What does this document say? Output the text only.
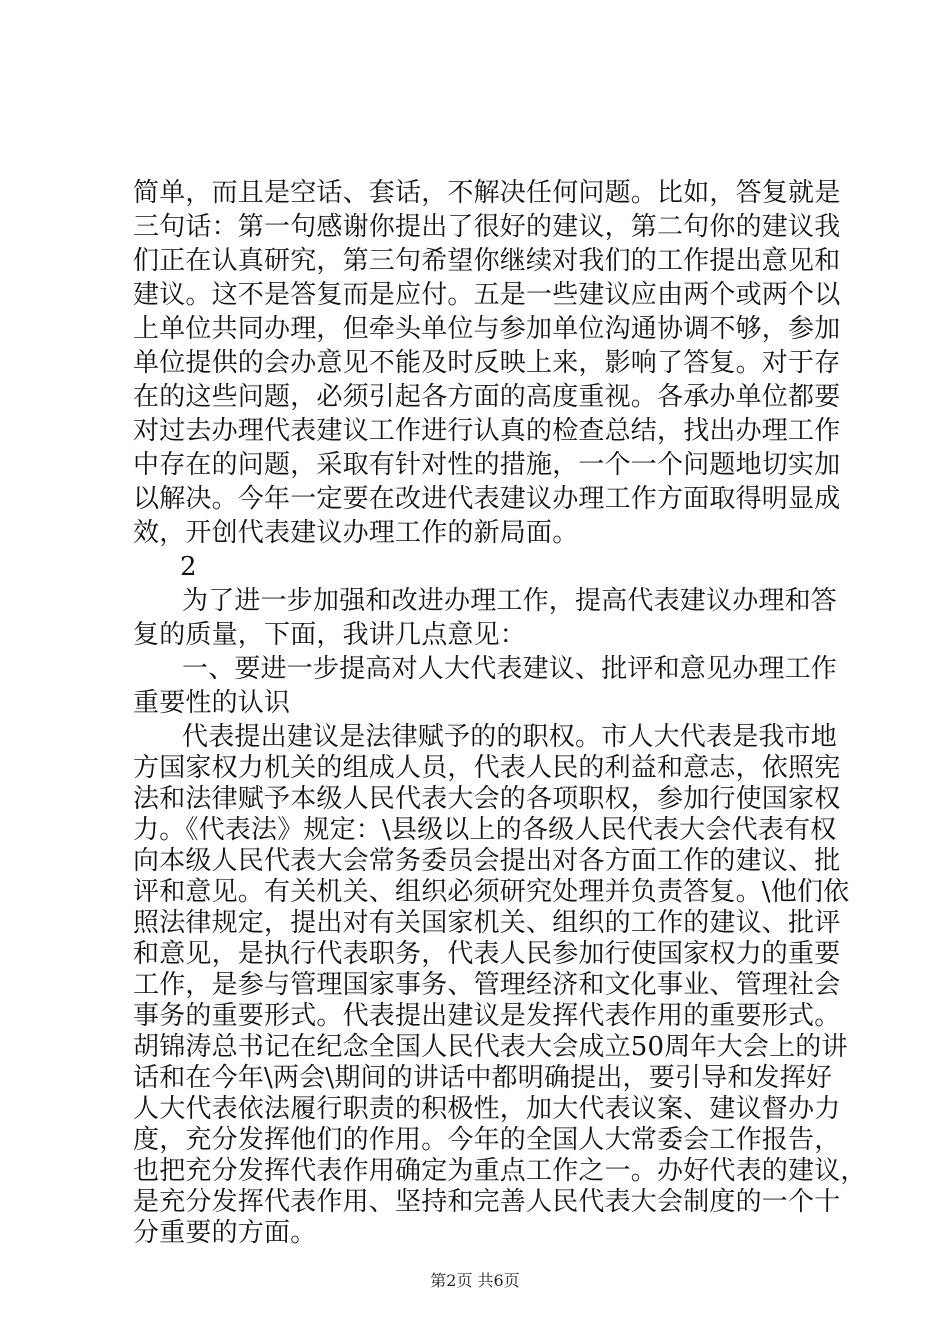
简单，而且是空话、套话，不解决任何问题。比如，答复就是
三句话：第一句感谢你提出了很好的建议，第二句你的建议我
们正在认真研究，第三句希望你继续对我们的工作提出意见和
建议。这不是答复而是应付。五是一些建议应由两个或两个以
上单位共同办理，但牵头单位与参加单位沟通协调不够，参加
单位提供的会办意见不能及时反映上来，影响了答复。对于存
在的这些问题，必须引起各方面的高度重视。各承办单位都要
对过去办理代表建议工作进行认真的检查总结，找出办理工作
中存在的问题，采取有针对性的措施，一个一个问题地切实加
以解决。今年一定要在改进代表建议办理工作方面取得明显成
效，开创代表建议办理工作的新局面。
2
为了进一步加强和改进办理工作，提高代表建议办理和答
复的质量，下面，我讲几点意见：
一、要进一步提高对人大代表建议、批评和意见办理工作
重要性的认识
代表提出建议是法律赋予的的职权。市人大代表是我市地
方国家权力机关的组成人员，代表人民的利益和意志，依照宪
法和法律赋予本级人民代表大会的各项职权，参加行使国家权
力。《代表法》规定：\县级以上的各级人民代表大会代表有权
向本级人民代表大会常务委员会提出对各方面工作的建议、批
评和意见。有关机关、组织必须研究处理并负责答复。\他们依
照法律规定，提出对有关国家机关、组织的工作的建议、批评
和意见，是执行代表职务，代表人民参加行使国家权力的重要
工作，是参与管理国家事务、管理经济和文化事业、管理社会
事务的重要形式。代表提出建议是发挥代表作用的重要形式。
胡锦涛总书记在纪念全国人民代表大会成立50周年大会上的讲
话和在今年\两会\期间的讲话中都明确提出，要引导和发挥好
人大代表依法履行职责的积极性，加大代表议案、建议督办力
度，充分发挥他们的作用。今年的全国人大常委会工作报告，
也把充分发挥代表作用确定为重点工作之一。办好代表的建议，
是充分发挥代表作用、坚持和完善人民代表大会制度的一个十
第2页 共6页
分重要的方面。
